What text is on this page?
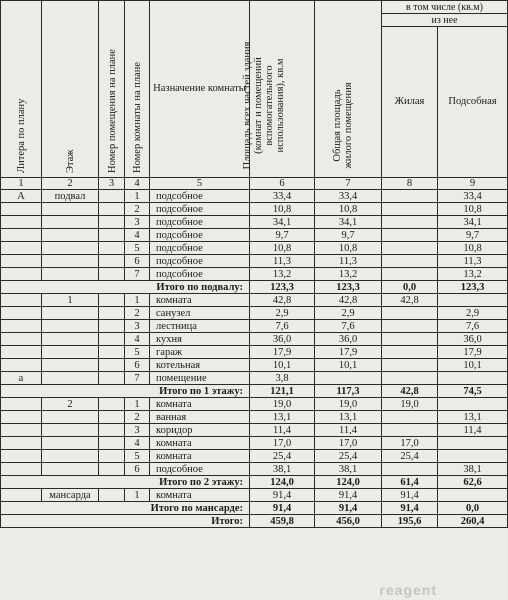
Литера по плану	Этаж	Номер помещения на плане	Номер комнаты на плане	Назначение комнаты	Площадь всех частей здания (комнат и помещений вспомогательного использования), кв.м	Общая площадь жилого помещения	в том числе (кв.м)	
							из нее	
							Жилая	Подсобная
1	2	3	4	5	6	7	8	9
А	подвал		1	подсобное	33,4	33,4		33,4
			2	подсобное	10,8	10,8		10,8
			3	подсобное	34,1	34,1		34,1
			4	подсобное	9,7	9,7		9,7
			5	подсобное	10,8	10,8		10,8
			6	подсобное	11,3	11,3		11,3
			7	подсобное	13,2	13,2		13,2
Итого по подвалу:					123,3	123,3	0,0	123,3
	1		1	комната	42,8	42,8	42,8	
			2	санузел	2,9	2,9		2,9
			3	лестница	7,6	7,6		7,6
			4	кухня	36,0	36,0		36,0
			5	гараж	17,9	17,9		17,9
			6	котельная	10,1	10,1		10,1
а			7	помещение	3,8			
Итого по 1 этажу:					121,1	117,3	42,8	74,5
	2		1	комната	19,0	19,0	19,0	
			2	ванная	13,1	13,1		13,1
			3	коридор	11,4	11,4		11,4
			4	комната	17,0	17,0	17,0	
			5	комната	25,4	25,4	25,4	
			6	подсобное	38,1	38,1		38,1
Итого по 2 этажу:					124,0	124,0	61,4	62,6
	мансарда		1	комната	91,4	91,4	91,4	
Итого по мансарде:					91,4	91,4	91,4	0,0
Итого:					459,8	456,0	195,6	260,4
reagent
